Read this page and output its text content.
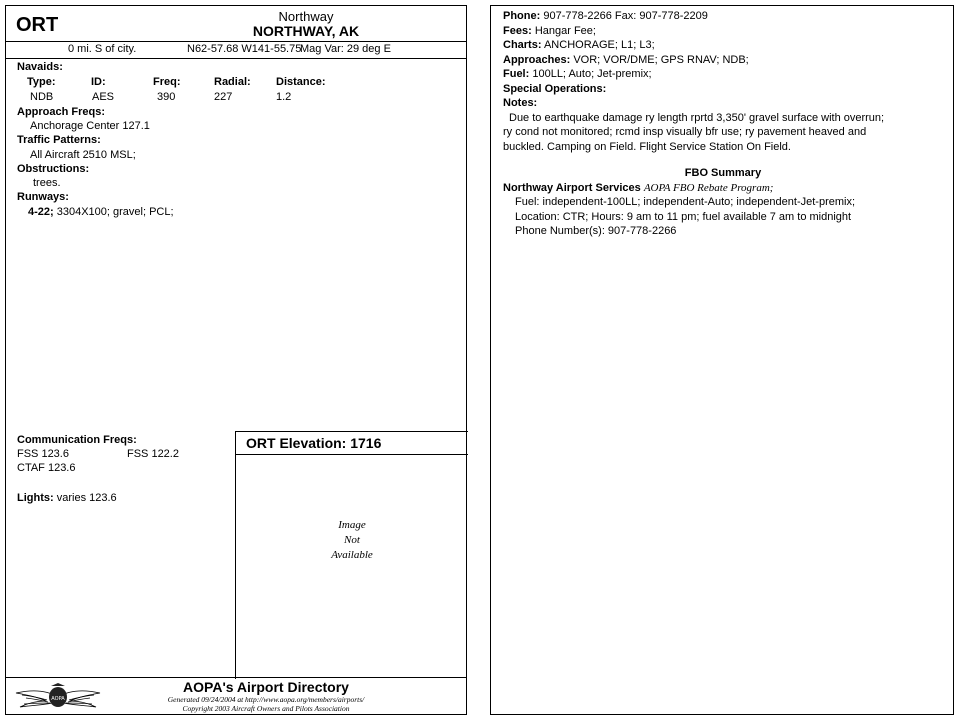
ORT	Northway
NORTHWAY, AK
0 mi. S of city.	N62-57.68 W141-55.75
Mag Var: 29 deg E
Navaids:
Type:	ID:	Freq:	Radial: Distance:
NDB	AES	390	227	1.2
Approach Freqs:
Anchorage Center 127.1
Traffic Patterns:
All Aircraft 2510 MSL;
Obstructions:
trees.
Runways:
4-22; 3304X100; gravel; PCL;
Communication Freqs:
FSS 123.6	FSS 122.2
CTAF 123.6
Lights: varies 123.6
ORT Elevation: 1716
Image
Not
Available
AOPA
AOPA's Airport Directory
Generated 09/24/2004 at http://www.aopa.org/members/airports/
Copyright 2003 Aircraft Owners and Pilots Association
Phone: 907-778-2266 Fax: 907-778-2209
Fees: Hangar Fee;
Charts: ANCHORAGE; L1; L3;
Approaches: VOR; VOR/DME; GPS RNAV; NDB;
Fuel: 100LL; Auto; Jet-premix;
Special Operations:
Notes:
Due to earthquake damage ry length rprtd 3,350' gravel surface with overrun;
ry cond not monitored; rcmd insp visually bfr use; ry pavement heaved and
buckled. Camping on Field. Flight Service Station On Field.
FBO Summary
Northway Airport Services AOPA FBO Rebate Program;
Fuel: independent-100LL; independent-Auto; independent-Jet-premix;
Location: CTR; Hours: 9 am to 11 pm; fuel available 7 am to midnight
Phone Number(s): 907-778-2266
